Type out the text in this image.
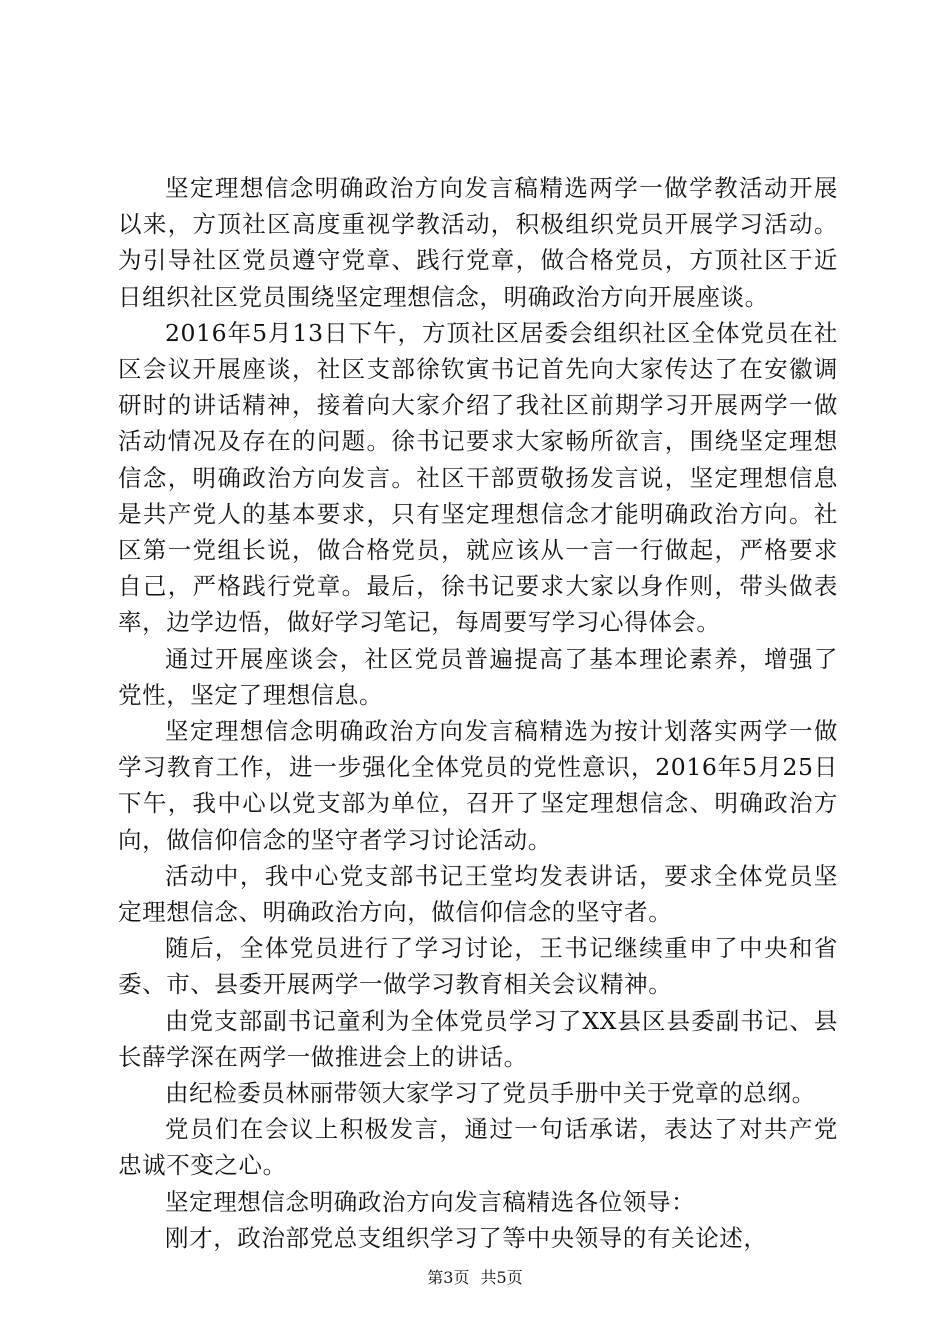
坚定理想信念明确政治方向发言稿精选两学一做学教活动开展以来，方顶社区高度重视学教活动，积极组织党员开展学习活动。为引导社区党员遵守党章、践行党章，做合格党员，方顶社区于近日组织社区党员围绕坚定理想信念，明确政治方向开展座谈。

2016年5月13日下午，方顶社区居委会组织社区全体党员在社区会议开展座谈，社区支部徐钦寅书记首先向大家传达了在安徽调研时的讲话精神，接着向大家介绍了我社区前期学习开展两学一做活动情况及存在的问题。徐书记要求大家畅所欲言，围绕坚定理想信念，明确政治方向发言。社区干部贾敬扬发言说，坚定理想信息是共产党人的基本要求，只有坚定理想信念才能明确政治方向。社区第一党组长说，做合格党员，就应该从一言一行做起，严格要求自己，严格践行党章。最后，徐书记要求大家以身作则，带头做表率，边学边悟，做好学习笔记，每周要写学习心得体会。

通过开展座谈会，社区党员普遍提高了基本理论素养，增强了党性，坚定了理想信息。

坚定理想信念明确政治方向发言稿精选为按计划落实两学一做学习教育工作，进一步强化全体党员的党性意识，2016年5月25日下午，我中心以党支部为单位，召开了坚定理想信念、明确政治方向，做信仰信念的坚守者学习讨论活动。

活动中，我中心党支部书记王堂均发表讲话，要求全体党员坚定理想信念、明确政治方向，做信仰信念的坚守者。

随后，全体党员进行了学习讨论，王书记继续重申了中央和省委、市、县委开展两学一做学习教育相关会议精神。

由党支部副书记童利为全体党员学习了XX县区县委副书记、县长薛学深在两学一做推进会上的讲话。

由纪检委员林丽带领大家学习了党员手册中关于党章的总纲。

党员们在会议上积极发言，通过一句话承诺，表达了对共产党忠诚不变之心。

坚定理想信念明确政治方向发言稿精选各位领导：

刚才，政治部党总支组织学习了等中央领导的有关论述，

第3页 共5页
